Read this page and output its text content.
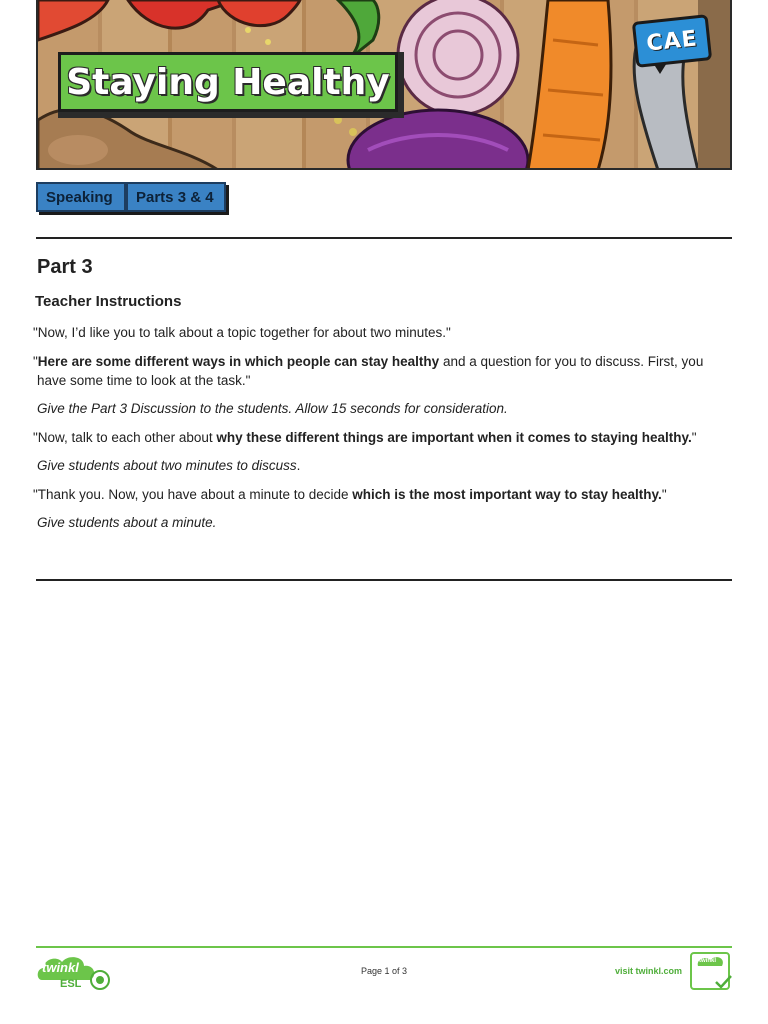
Staying Healthy
CAE
Speaking Parts 3 & 4
Part 3
Teacher Instructions
"Now, I’d like you to talk about a topic together for about two minutes."
"Here are some different ways in which people can stay healthy and a question for you to discuss. First, you
have some time to look at the task."
Give the Part 3 Discussion to the students. Allow 15 seconds for consideration.
"Now, talk to each other about why these different things are important when it comes to staying healthy."
Give students about two minutes to discuss.
"Thank you. Now, you have about a minute to decide which is the most important way to stay healthy."
Give students about a minute.
twinkl
ESL
Page 1 of 3	visit twinkl.com
twinkl
